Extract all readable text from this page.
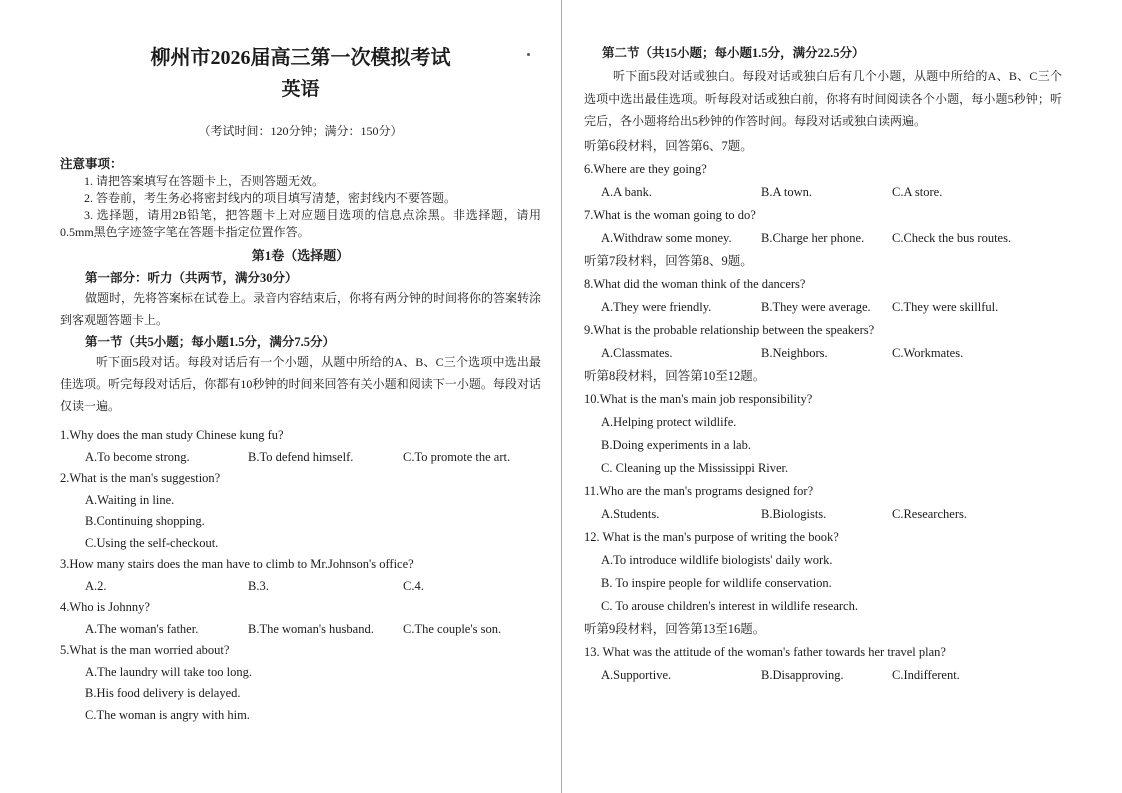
柳州市2026届高三第一次模拟考试
英语
（考试时间：120分钟；满分：150分）
注意事项：
1. 请把答案填写在答题卡上，否则答题无效。
2. 答卷前，考生务必将密封线内的项目填写清楚，密封线内不要答题。
3. 选择题，请用2B铅笔，把答题卡上对应题目选项的信息点涂黑。非选择题，请用0.5mm黑色字迹签字笔在答题卡指定位置作答。
第1卷（选择题）
第一部分：听力（共两节，满分30分）
做题时，先将答案标在试卷上。录音内容结束后，你将有两分钟的时间将你的答案转涂到客观题答题卡上。
第一节（共5小题；每小题1.5分，满分7.5分）
听下面5段对话。每段对话后有一个小题，从题中所给的A、B、C三个选项中选出最佳选项。听完每段对话后，你都有10秒钟的时间来回答有关小题和阅读下一小题。每段对话仅读一遍。
1.Why does the man study Chinese kung fu?
A.To become strong.	B.To defend himself.	C.To promote the art.
2.What is the man's suggestion?
A.Waiting in line.
B.Continuing shopping.
C.Using the self-checkout.
3.How many stairs does the man have to climb to Mr.Johnson's office?
A.2.	B.3.	C.4.
4.Who is Johnny?
A.The woman's father.	B.The woman's husband.	C.The couple's son.
5.What is the man worried about?
A.The laundry will take too long.
B.His food delivery is delayed.
C.The woman is angry with him.
第二节（共15小题；每小题1.5分，满分22.5分）
听下面5段对话或独白。每段对话或独白后有几个小题，从题中所给的A、B、C三个选项中选出最佳选项。听每段对话或独白前，你将有时间阅读各个小题，每小题5秒钟；听完后，各小题将给出5秒钟的作答时间。每段对话或独白读两遍。
听第6段材料，回答第6、7题。
6.Where are they going?
A.A bank.	B.A town.	C.A store.
7.What is the woman going to do?
A.Withdraw some money.	B.Charge her phone.	C.Check the bus routes.
听第7段材料，回答第8、9题。
8.What did the woman think of the dancers?
A.They were friendly.	B.They were average.	C.They were skillful.
9.What is the probable relationship between the speakers?
A.Classmates.	B.Neighbors.	C.Workmates.
听第8段材料，回答第10至12题。
10.What is the man's main job responsibility?
A.Helping protect wildlife.
B.Doing experiments in a lab.
C. Cleaning up the Mississippi River.
11.Who are the man's programs designed for?
A.Students.	B.Biologists.	C.Researchers.
12. What is the man's purpose of writing the book?
A.To introduce wildlife biologists' daily work.
B. To inspire people for wildlife conservation.
C. To arouse children's interest in wildlife research.
听第9段材料，回答第13至16题。
13. What was the attitude of the woman's father towards her travel plan?
A.Supportive.	B.Disapproving.	C.Indifferent.
